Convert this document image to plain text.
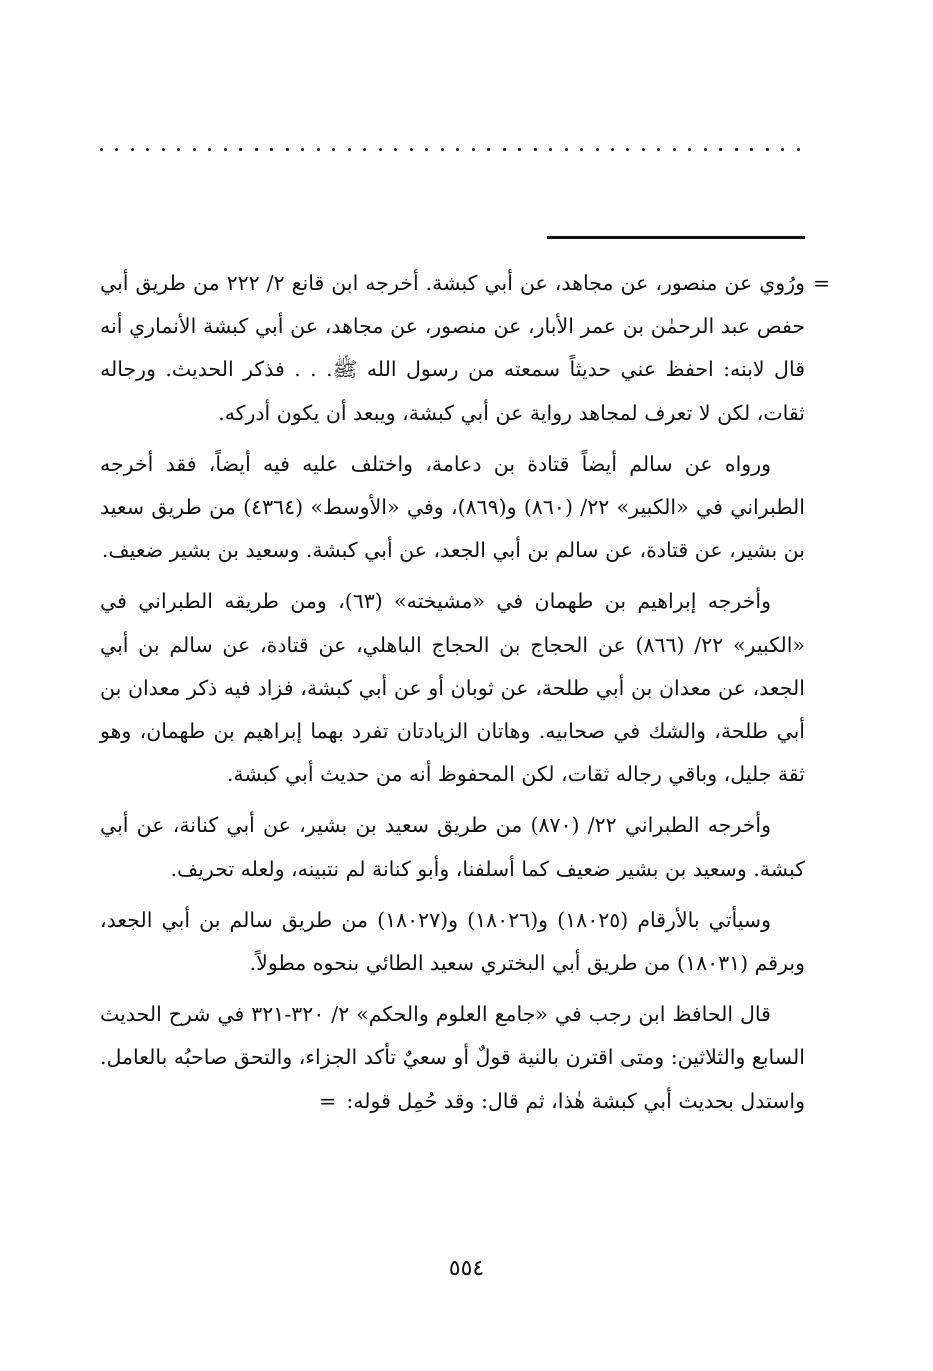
=ورُوي عن منصور، عن مجاهد، عن أبي كبشة. أخرجه ابن قانع ٢/ ٢٢٢ من طريق أبي حفص عبد الرحمٰن بن عمر الأبار، عن منصور، عن مجاهد، عن أبي كبشة الأنماري أنه قال لابنه: احفظ عني حديثاً سمعته من رسول الله ﷺ. . . فذكر الحديث. ورجاله ثقات، لكن لا تعرف لمجاهد رواية عن أبي كبشة، ويبعد أن يكون أدركه.

ورواه عن سالم أيضاً قتادة بن دعامة، واختلف عليه فيه أيضاً، فقد أخرجه الطبراني في «الكبير» ٢٢/ (٨٦٠) و(٨٦٩)، وفي «الأوسط» (٤٣٦٤) من طريق سعيد بن بشير، عن قتادة، عن سالم بن أبي الجعد، عن أبي كبشة. وسعيد بن بشير ضعيف.

وأخرجه إبراهيم بن طهمان في «مشيخته» (٦٣)، ومن طريقه الطبراني في «الكبير» ٢٢/ (٨٦٦) عن الحجاج بن الحجاج الباهلي، عن قتادة، عن سالم بن أبي الجعد، عن معدان بن أبي طلحة، عن ثوبان أو عن أبي كبشة، فزاد فيه ذكر معدان بن أبي طلحة، والشك في صحابيه. وهاتان الزيادتان تفرد بهما إبراهيم بن طهمان، وهو ثقة جليل، وباقي رجاله ثقات، لكن المحفوظ أنه من حديث أبي كبشة.

وأخرجه الطبراني ٢٢/ (٨٧٠) من طريق سعيد بن بشير، عن أبي كنانة، عن أبي كبشة. وسعيد بن بشير ضعيف كما أسلفنا، وأبو كنانة لم نتبينه، ولعله تحريف.

وسيأتي بالأرقام (١٨٠٢٥) و(١٨٠٢٦) و(١٨٠٢٧) من طريق سالم بن أبي الجعد، وبرقم (١٨٠٣١) من طريق أبي البختري سعيد الطائي بنحوه مطولاً.

قال الحافظ ابن رجب في «جامع العلوم والحكم» ٢/ ٣٢٠-٣٢١ في شرح الحديث السابع والثلاثين: ومتى اقترن بالنية قولٌ أو سعيٌ تأكد الجزاء، والتحق صاحبُه بالعامل. واستدل بحديث أبي كبشة هٰذا، ثم قال: وقد حُمِل قوله:=

٥٥٤
